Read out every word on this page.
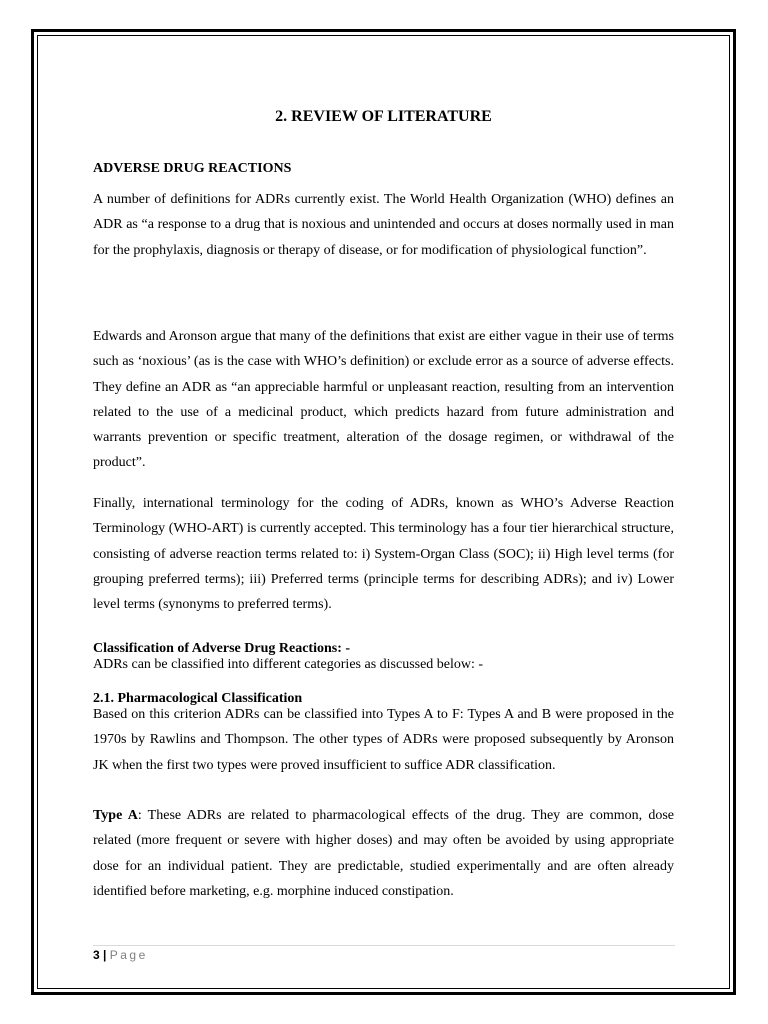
2. REVIEW OF LITERATURE
ADVERSE DRUG REACTIONS

A number of definitions for ADRs currently exist. The World Health Organization (WHO) defines an ADR as “a response to a drug that is noxious and unintended and occurs at doses normally used in man for the prophylaxis, diagnosis or therapy of disease, or for modification of physiological function”.

Edwards and Aronson argue that many of the definitions that exist are either vague in their use of terms such as ‘noxious’ (as is the case with WHO’s definition) or exclude error as a source of adverse effects. They define an ADR as “an appreciable harmful or unpleasant reaction, resulting from an intervention related to the use of a medicinal product, which predicts hazard from future administration and warrants prevention or specific treatment, alteration of the dosage regimen, or withdrawal of the product”.

Finally, international terminology for the coding of ADRs, known as WHO’s Adverse Reaction Terminology (WHO-ART) is currently accepted. This terminology has a four tier hierarchical structure, consisting of adverse reaction terms related to: i) System-Organ Class (SOC); ii) High level terms (for grouping preferred terms); iii) Preferred terms (principle terms for describing ADRs); and iv) Lower level terms (synonyms to preferred terms).

Classification of Adverse Drug Reactions: -
ADRs can be classified into different categories as discussed below: -
2.1. Pharmacological Classification

Based on this criterion ADRs can be classified into Types A to F: Types A and B were proposed in the 1970s by Rawlins and Thompson. The other types of ADRs were proposed subsequently by Aronson JK when the first two types were proved insufficient to suffice ADR classification.

Type A: These ADRs are related to pharmacological effects of the drug. They are common, dose related (more frequent or severe with higher doses) and may often be avoided by using appropriate dose for an individual patient. They are predictable, studied experimentally and are often already identified before marketing, e.g. morphine induced constipation.

3 | Page
